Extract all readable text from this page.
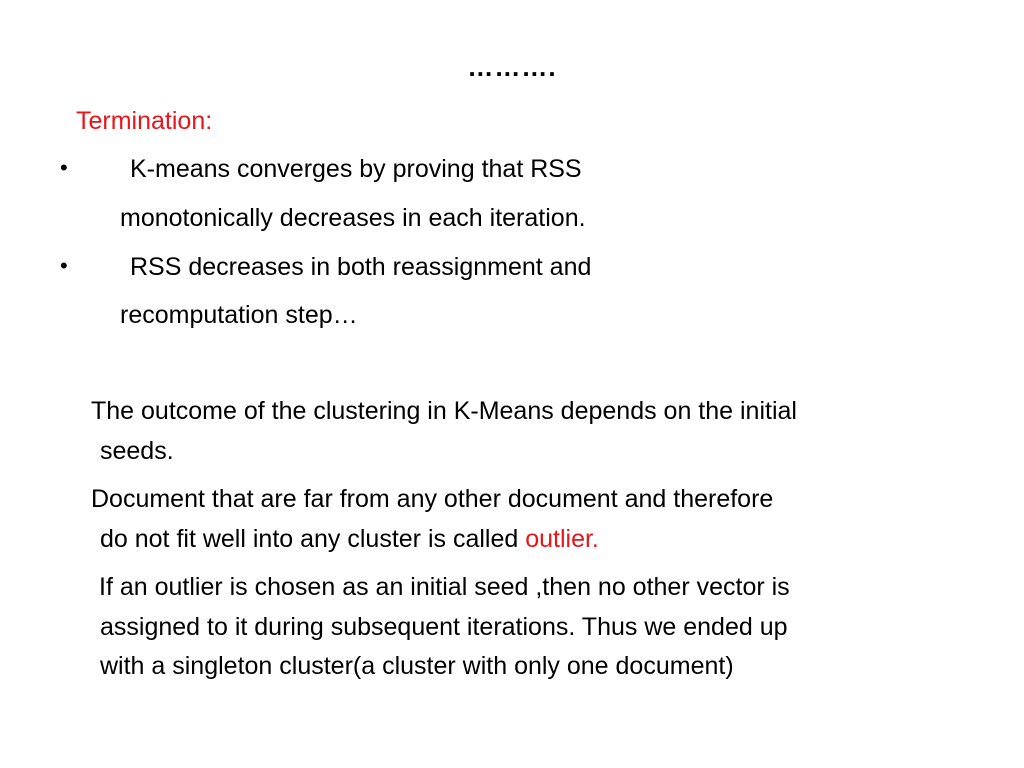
……….
Termination:
• K-means converges by proving that RSS
monotonically decreases in each iteration.
• RSS decreases in both reassignment and
recomputation step…
The outcome of the clustering in K-Means depends on the initial
seeds.
Document that are far from any other document and therefore
do not fit well into any cluster is called outlier.
If an outlier is chosen as an initial seed ,then no other vector is
assigned to it during subsequent iterations. Thus we ended up
with a singleton cluster(a cluster with only one document)
